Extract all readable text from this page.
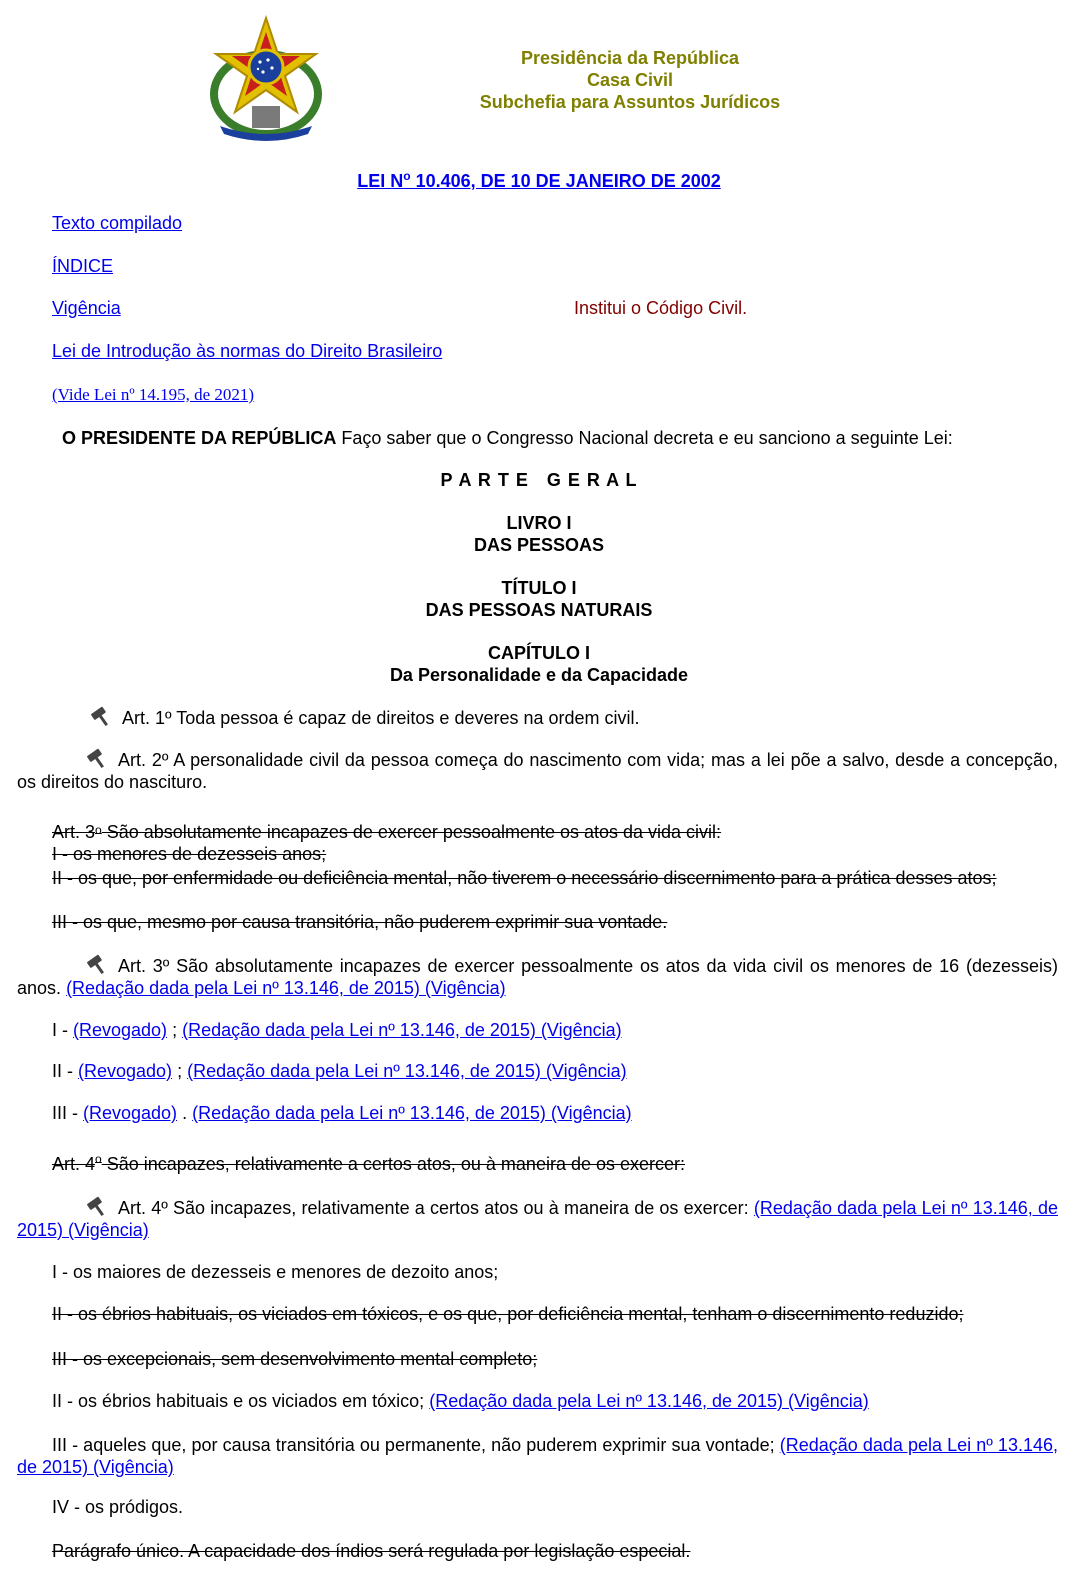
Presidência da República
Casa Civil
Subchefia para Assuntos Jurídicos
LEI $N^o$ 10.406, DE 10 DE JANEIRO DE 2002
Texto compilado
ÍNDICE
Vigência	Institui o Código Civil.
Lei de Introdução às normas do Direito Brasileiro
(Vide Lei nº 14.195, de 2021)
O PRESIDENTE DA REPÚBLICA Faço saber que o Congresso Nacional decreta e eu sanciono a seguinte Lei:
P A R T E   G E R A L
LIVRO I
DAS PESSOAS
TÍTULO I
DAS PESSOAS NATURAIS
CAPÍTULO I
Da Personalidade e da Capacidade
Art. 1º Toda pessoa é capaz de direitos e deveres na ordem civil.
Art. 2º A personalidade civil da pessoa começa do nascimento com vida; mas a lei põe a salvo, desde a concepção, os direitos do nascituro.
Art. 3$^o$ São absolutamente incapazes de exercer pessoalmente os atos da vida civil:
I - os menores de dezesseis anos;
II - os que, por enfermidade ou deficiência mental, não tiverem o necessário discernimento para a prática desses atos;
III - os que, mesmo por causa transitória, não puderem exprimir sua vontade.
Art. 3º São absolutamente incapazes de exercer pessoalmente os atos da vida civil os menores de 16 (dezesseis) anos. (Redação dada pela Lei nº 13.146, de 2015) (Vigência)
I - (Revogado) ; (Redação dada pela Lei nº 13.146, de 2015) (Vigência)
II - (Revogado) ; (Redação dada pela Lei nº 13.146, de 2015) (Vigência)
III - (Revogado) . (Redação dada pela Lei nº 13.146, de 2015) (Vigência)
Art. 4$^o$ São incapazes, relativamente a certos atos, ou à maneira de os exercer:
Art. 4º São incapazes, relativamente a certos atos ou à maneira de os exercer: (Redação dada pela Lei nº 13.146, de 2015) (Vigência)
I - os maiores de dezesseis e menores de dezoito anos;
II - os ébrios habituais, os viciados em tóxicos, e os que, por deficiência mental, tenham o discernimento reduzido;
III - os excepcionais, sem desenvolvimento mental completo;
II - os ébrios habituais e os viciados em tóxico; (Redação dada pela Lei nº 13.146, de 2015) (Vigência)
III - aqueles que, por causa transitória ou permanente, não puderem exprimir sua vontade; (Redação dada pela Lei nº 13.146, de 2015) (Vigência)
IV - os pródigos.
Parágrafo único. A capacidade dos índios será regulada por legislação especial.
